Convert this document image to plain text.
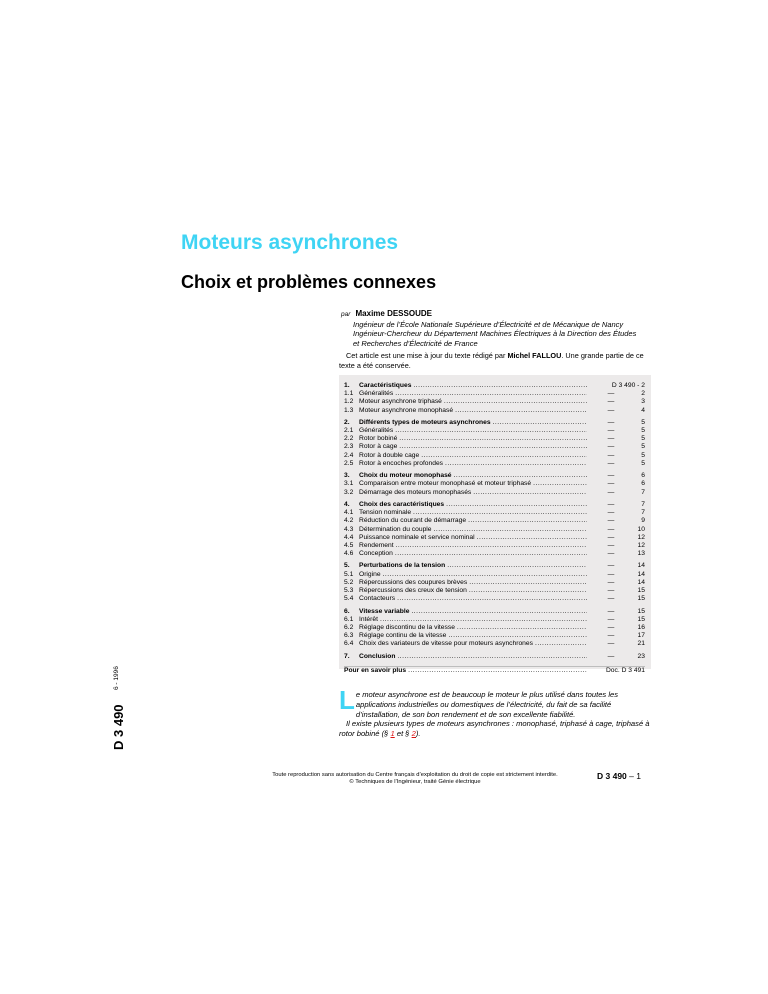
Moteurs asynchrones
Choix et problèmes connexes
par Maxime DESSOUDE
Ingénieur de l’École Nationale Supérieure d’Électricité et de Mécanique de Nancy
Ingénieur-Chercheur du Département Machines Électriques à la Direction des Études
et Recherches d’Électricité de France
Cet article est une mise à jour du texte rédigé par Michel FALLOU. Une grande partie de ce texte a été conservée.
1.	Caractéristiques .....	D 3 490 - 2
1.1 Généralités .....	—	2
1.2 Moteur asynchrone triphasé .....	—	3
1.3 Moteur asynchrone monophasé .....	—	4
2.	Différents types de moteurs asynchrones .....	—	5
2.1 Généralités .....	—	5
2.2 Rotor bobiné .....	—	5
2.3 Rotor à cage .....	—	5
2.4 Rotor à double cage .....	—	5
2.5 Rotor à encoches profondes .....	—	5
3.	Choix du moteur monophasé .....	—	6
3.1 Comparaison entre moteur monophasé et moteur triphasé .....	—	6
3.2 Démarrage des moteurs monophasés .....	—	7
4.	Choix des caractéristiques .....	—	7
4.1 Tension nominale .....	—	7
4.2 Réduction du courant de démarrage .....	—	9
4.3 Détermination du couple .....	—	10
4.4 Puissance nominale et service nominal .....	—	12
4.5 Rendement .....	—	12
4.6 Conception .....	—	13
5.	Perturbations de la tension .....	—	14
5.1 Origine .....	—	14
5.2 Répercussions des coupures brèves .....	—	14
5.3 Répercussions des creux de tension .....	—	15
5.4 Contacteurs .....	—	15
6.	Vitesse variable .....	—	15
6.1 Intérêt .....	—	15
6.2 Réglage discontinu de la vitesse .....	—	16
6.3 Réglage continu de la vitesse .....	—	17
6.4 Choix des variateurs de vitesse pour moteurs asynchrones .....	—	21
7.	Conclusion .....	—	23
Pour en savoir plus .....	Doc. D 3 491

Le moteur asynchrone est de beaucoup le moteur le plus utilisé dans toutes les applications industrielles ou domestiques de l’électricité, du fait de sa facilité d’installation, de son bon rendement et de son excellente fiabilité.

Il existe plusieurs types de moteurs asynchrones : monophasé, triphasé à cage, triphasé à rotor bobiné (§ 1 et § 2).

D 3 490
6 - 1996
Toute reproduction sans autorisation du Centre français d’exploitation du droit de copie est strictement interdite.
© Techniques de l’Ingénieur, traité Génie électrique
D 3 490 – 1
